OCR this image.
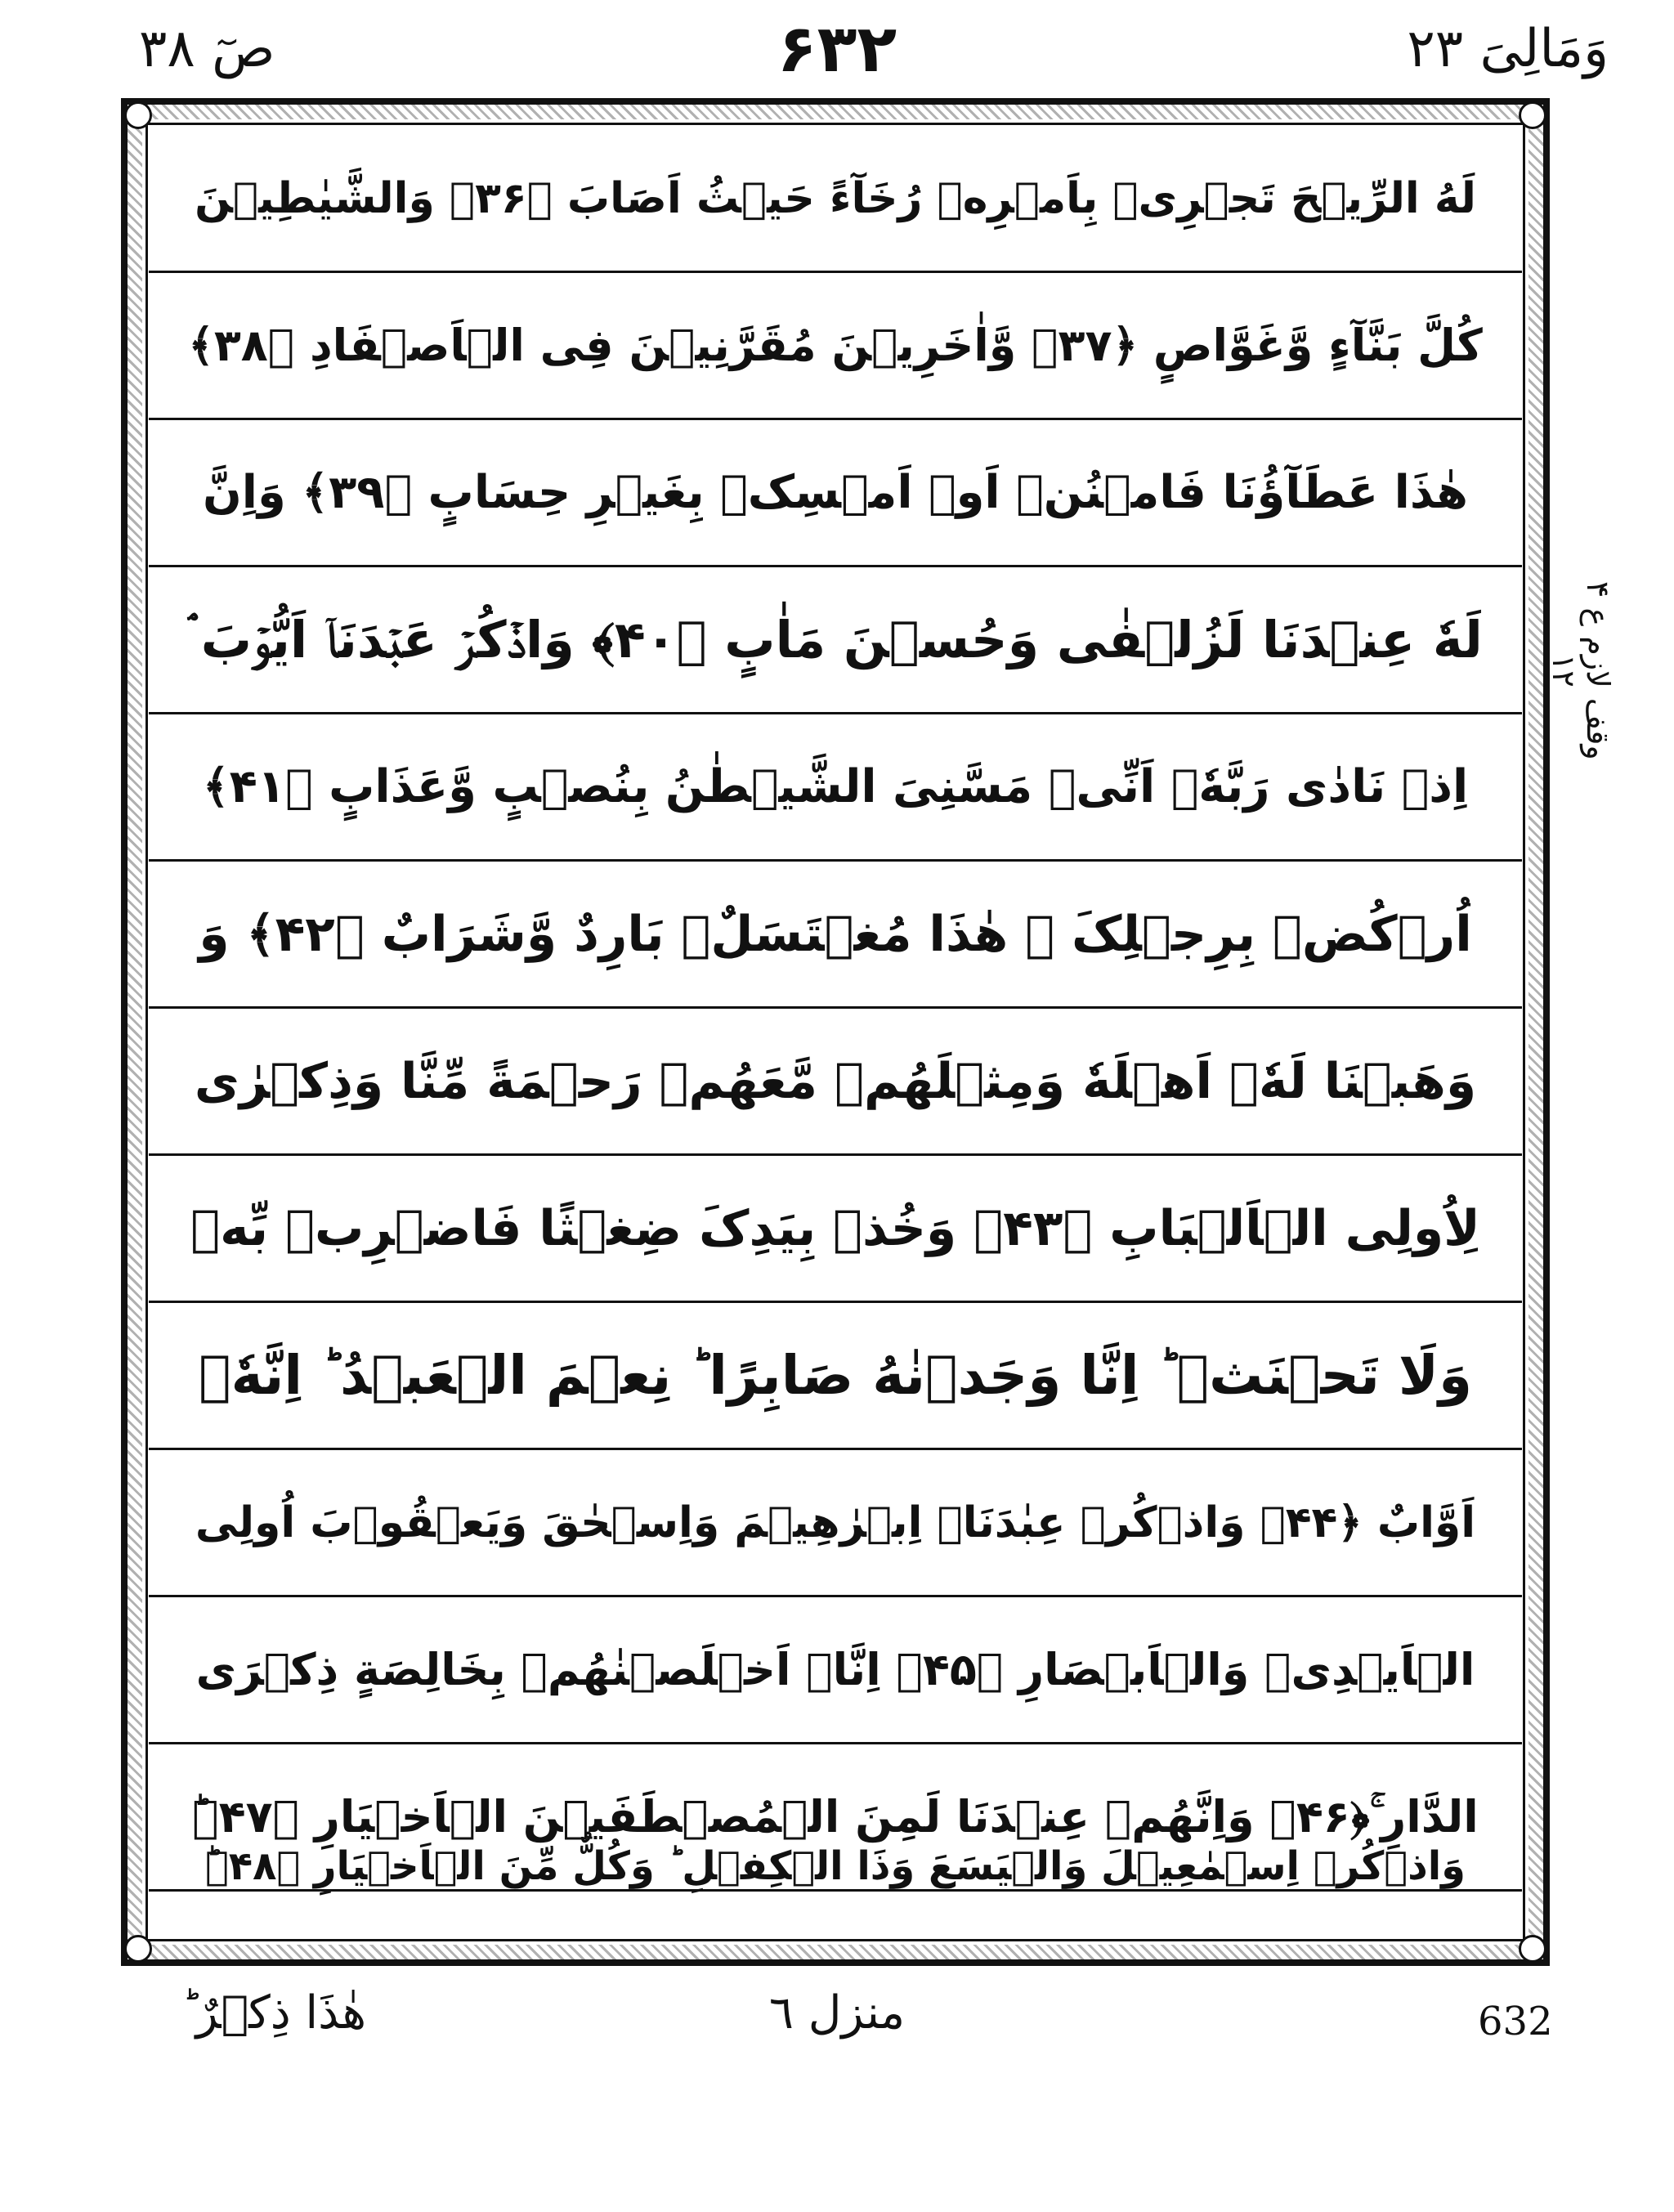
وَمَالِیَ ۲۳
۶۳۲
صٓ ۳۸
لَهُ الرِّیۡحَ تَجۡرِیۡ بِاَمۡرِهٖ رُخَآءً حَیۡثُ اَصَابَ ﴿۳۶﴾ وَالشَّیٰطِیۡنَ
کُلَّ بَنَّآءٍ وَّغَوَّاصٍ ﴿۳۷﴾ وَّاٰخَرِیۡنَ مُقَرَّنِیۡنَ فِی الۡاَصۡفَادِ ﴿۳۸﴾
هٰذَا عَطَآؤُنَا فَامۡنُنۡ اَوۡ اَمۡسِکۡ بِغَیۡرِ حِسَابٍ ﴿۳۹﴾ وَاِنَّ
لَهٗ عِنۡدَنَا لَزُلۡفٰی وَحُسۡنَ مَاٰبٍ ﴿۴۰﴾ وَاذۡکُرۡ عَبۡدَنَاۤ اَیُّوۡبَ ۘ
اِذۡ نَادٰی رَبَّهٗۤ اَنِّیۡ مَسَّنِیَ الشَّیۡطٰنُ بِنُصۡبٍ وَّعَذَابٍ ﴿۴۱﴾
اُرۡکُضۡ بِرِجۡلِکَ ۚ هٰذَا مُغۡتَسَلٌۢ بَارِدٌ وَّشَرَابٌ ﴿۴۲﴾ وَ
وَهَبۡنَا لَهٗۤ اَهۡلَهٗ وَمِثۡلَهُمۡ مَّعَهُمۡ رَحۡمَةً مِّنَّا وَذِکۡرٰی
لِاُولِی الۡاَلۡبَابِ ﴿۴۳﴾ وَخُذۡ بِیَدِکَ ضِغۡثًا فَاضۡرِبۡ بِّهٖ
وَلَا تَحۡنَثۡ ؕ اِنَّا وَجَدۡنٰهُ صَابِرًا ؕ نِعۡمَ الۡعَبۡدُ ؕ اِنَّهٗۤ
اَوَّابٌ ﴿۴۴﴾ وَاذۡکُرۡ عِبٰدَنَاۤ اِبۡرٰهِیۡمَ وَاِسۡحٰقَ وَیَعۡقُوۡبَ اُولِی
الۡاَیۡدِیۡ وَالۡاَبۡصَارِ ﴿۴۵﴾ اِنَّاۤ اَخۡلَصۡنٰهُمۡ بِخَالِصَةٍ ذِکۡرَی
الدَّارِ ۚ﴿۴۶﴾ وَاِنَّهُمۡ عِنۡدَنَا لَمِنَ الۡمُصۡطَفَیۡنَ الۡاَخۡیَارِ ﴿۴۷﴾ؕ
وَاذۡکُرۡ اِسۡمٰعِیۡلَ وَالۡیَسَعَ وَذَا الۡکِفۡلِ ؕ وَکُلٌّ مِّنَ الۡاَخۡیَارِ ﴿۴۸﴾ؕ
وقف لازم ع ۴ ۱۲
هٰذَا ذِکۡرٌ ؕ	منزل ٦	632
